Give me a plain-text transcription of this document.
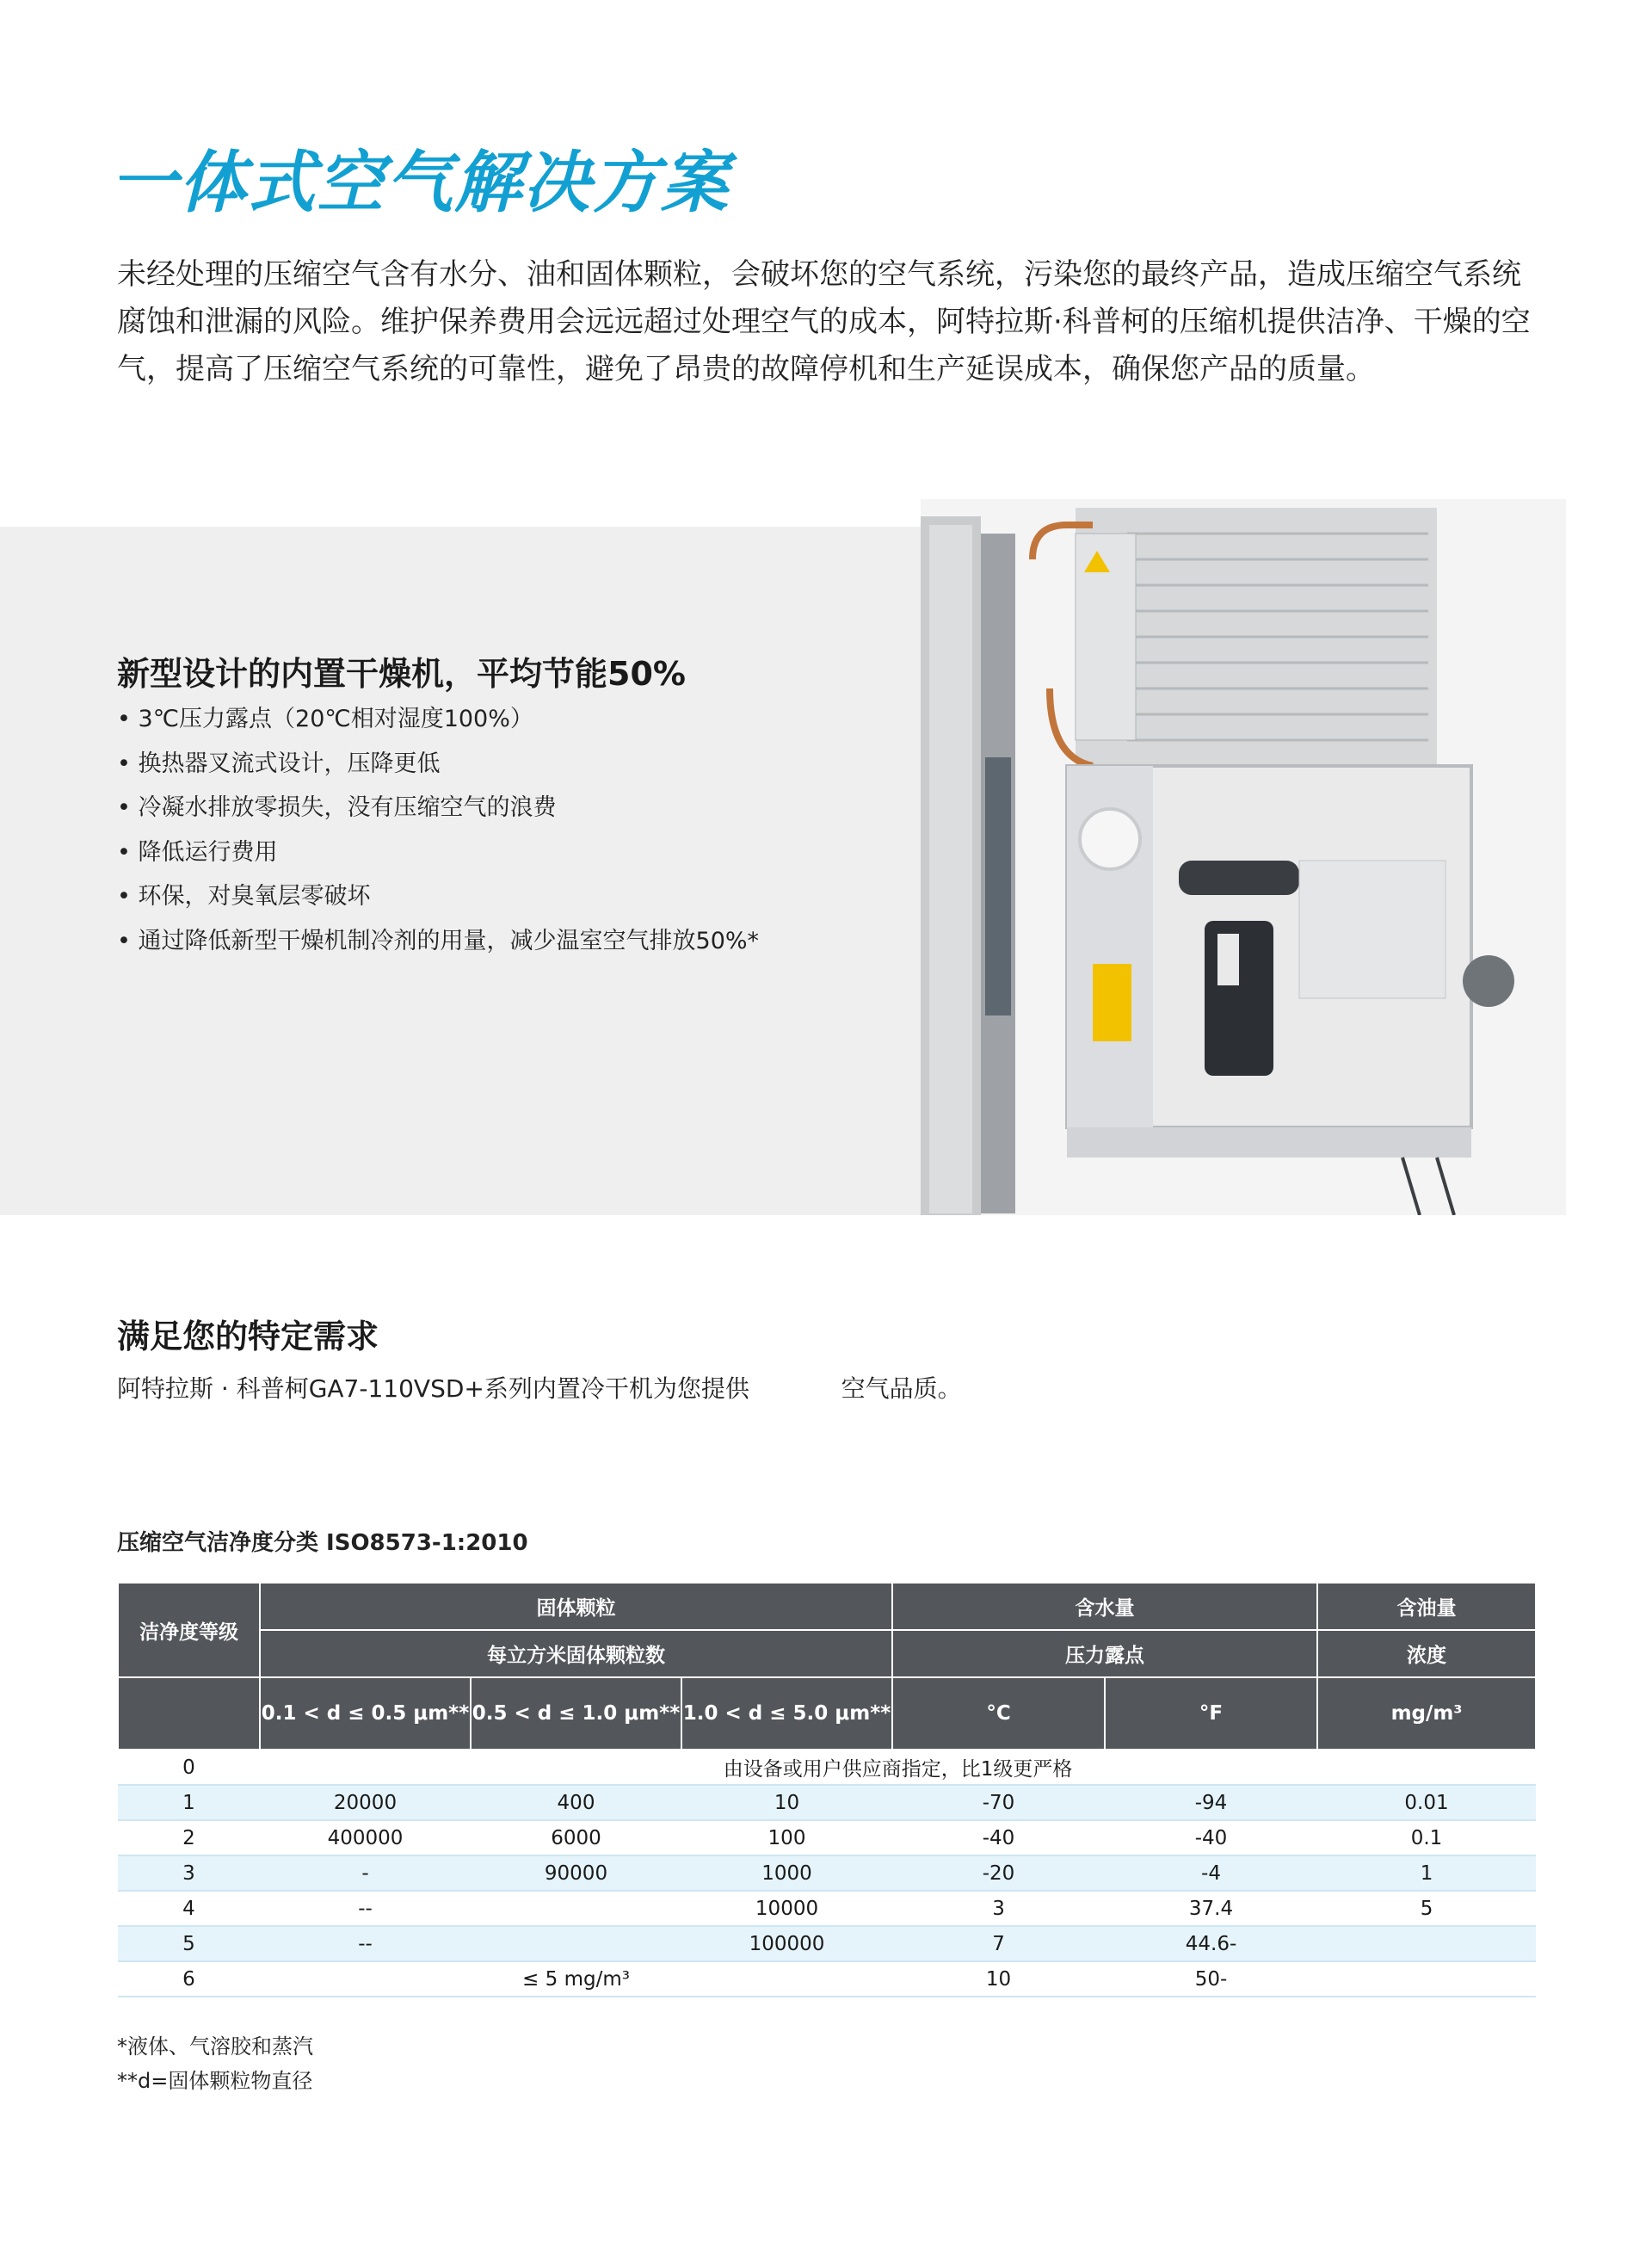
一体式空气解决方案

未经处理的压缩空气含有水分、油和固体颗粒，会破坏您的空气系统，污染您的最终产品，造成压缩空气系统腐蚀和泄漏的风险。维护保养费用会远远超过处理空气的成本，阿特拉斯·科普柯的压缩机提供洁净、干燥的空气，提高了压缩空气系统的可靠性，避免了昂贵的故障停机和生产延误成本，确保您产品的质量。

新型设计的内置干燥机，平均节能50%
• 3℃压力露点（20℃相对湿度100%）
• 换热器叉流式设计，压降更低
• 冷凝水排放零损失，没有压缩空气的浪费
• 降低运行费用
• 环保，对臭氧层零破坏
• 通过降低新型干燥机制冷剂的用量，减少温室空气排放50%*
满足您的特定需求

阿特拉斯 · 科普柯GA7-110VSD+系列内置冷干机为您提供            空气品质。

压缩空气洁净度分类 ISO8573-1:2010

洁净度等级	固体颗粒			含水量		含油量
	每立方米固体颗粒数			压力露点		浓度
	0.1 < d ≤ 0.5 μm**	0.5 < d ≤ 1.0 μm**	1.0 < d ≤ 5.0 μm**	°C	°F	mg/m³
0	由设备或用户供应商指定，比1级更严格					
1	20000	400	10	-70	-94	0.01
2	400000	6000	100	-40	-40	0.1
3	-	90000	1000	-20	-4	1
4	--		10000	3	37.4	5
5	--		100000	7	44.6-	
6	≤ 5 mg/m³			10	50-	
*液体、气溶胶和蒸汽
**d=固体颗粒物直径
